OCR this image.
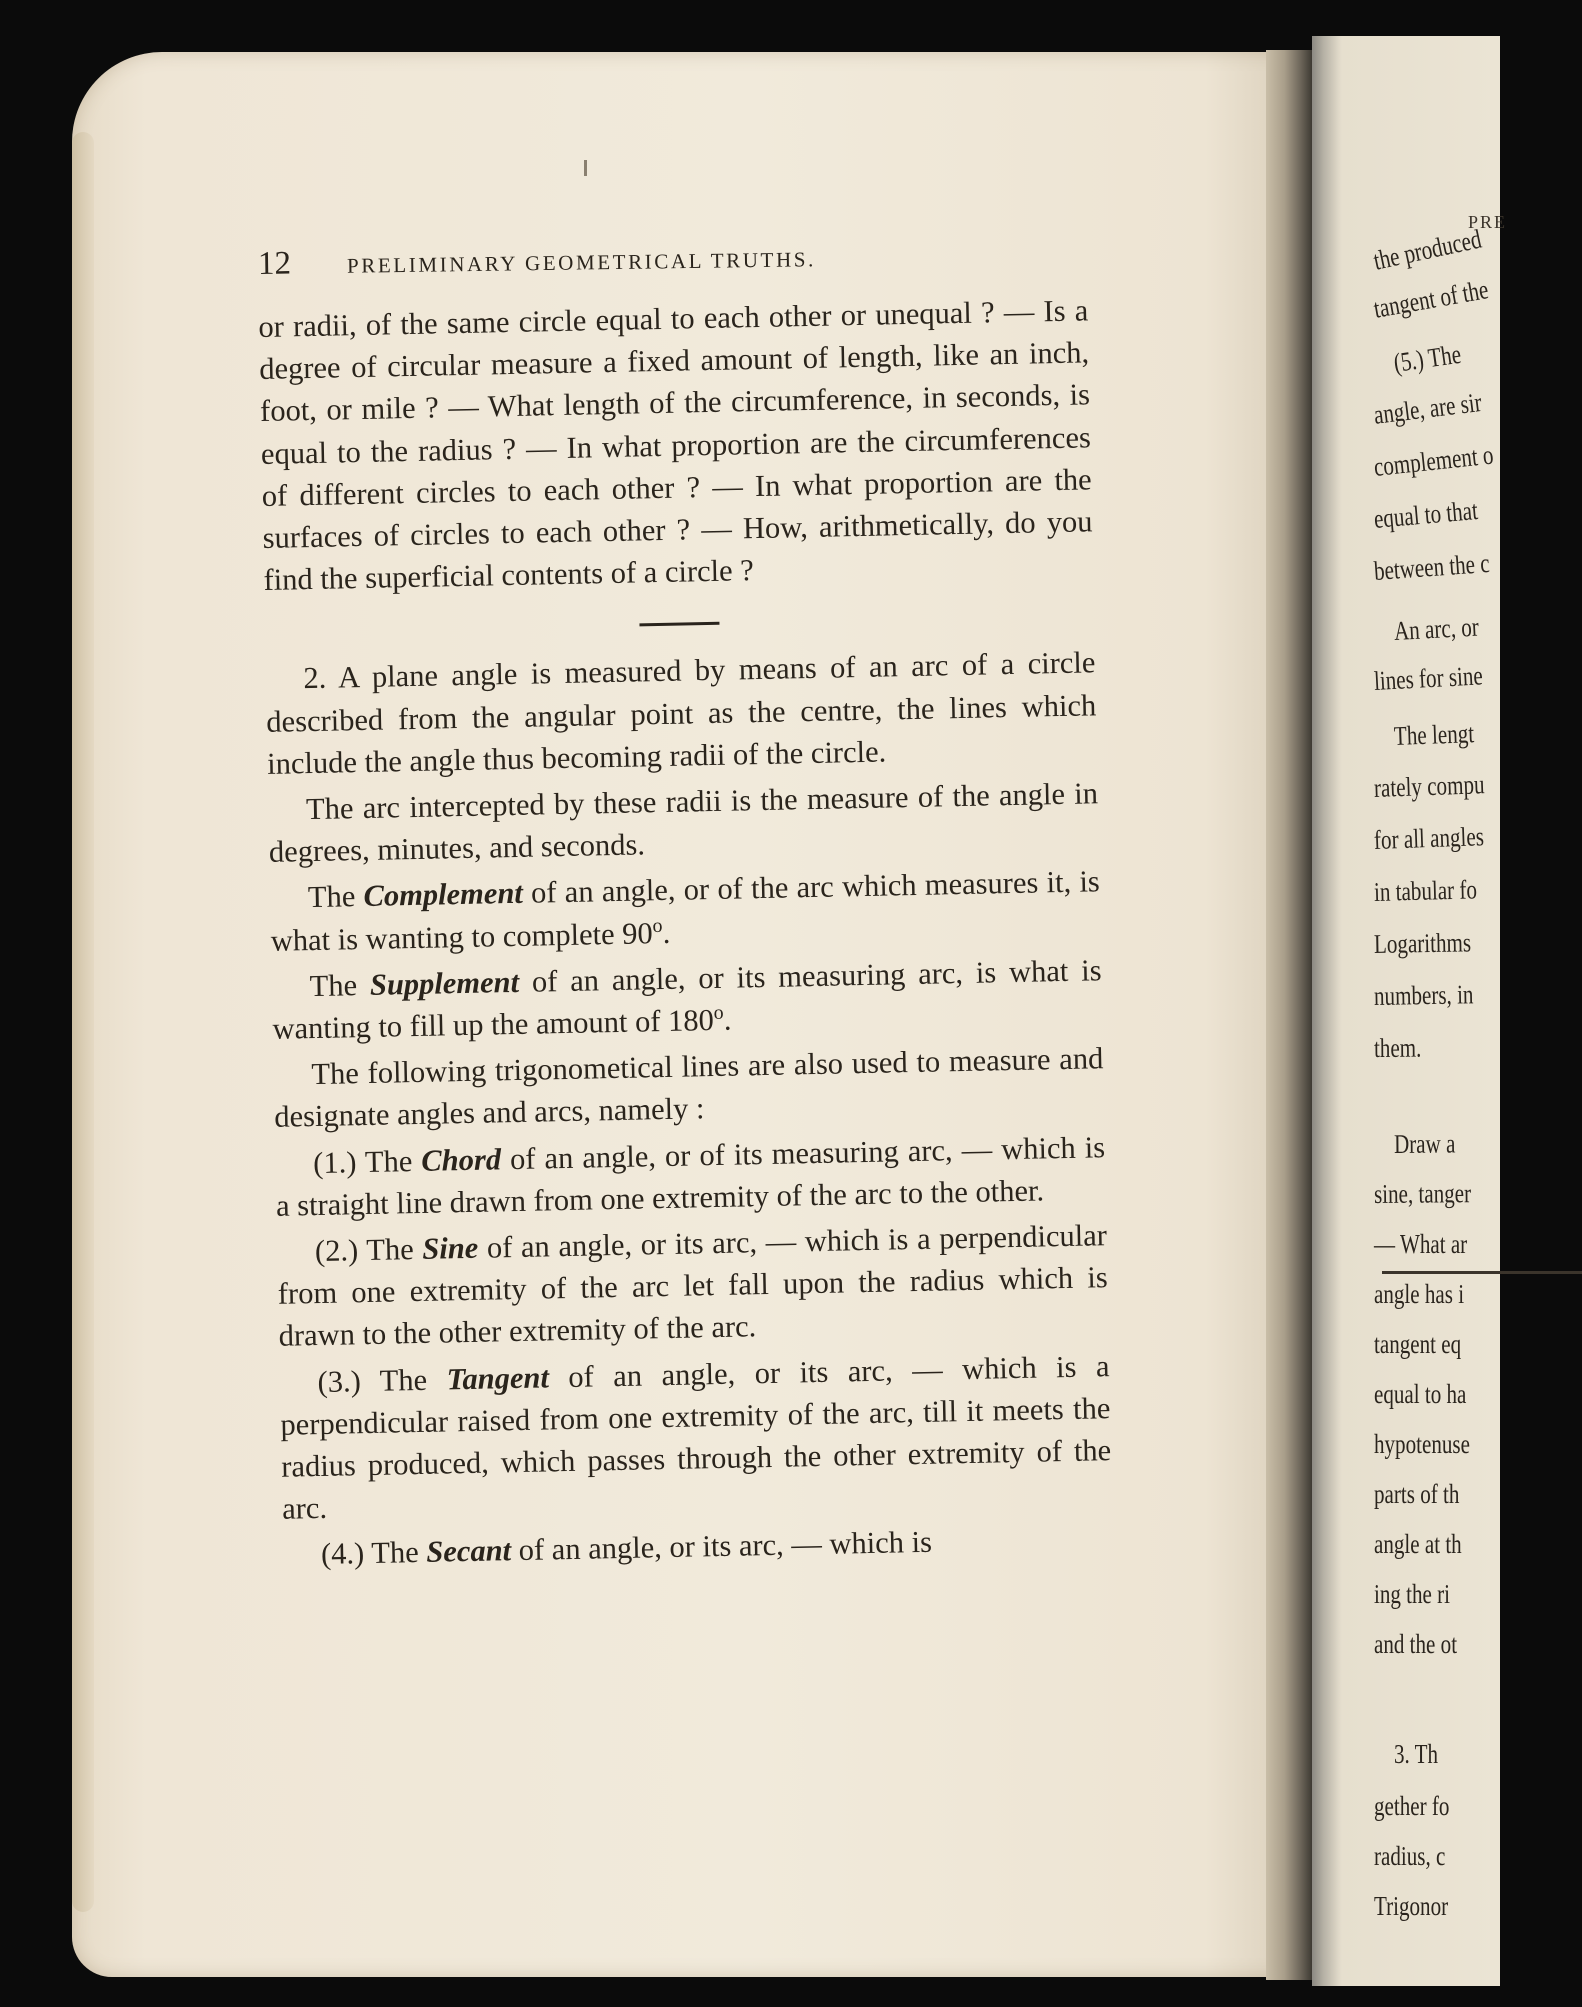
12	PRELIMINARY GEOMETRICAL TRUTHS.

or radii, of the same circle equal to each other or unequal ? — Is a degree of circular measure a fixed amount of length, like an inch, foot, or mile ? — What length of the circumference, in seconds, is equal to the radius ? — In what proportion are the circumferences of different circles to each other ? — In what proportion are the surfaces of circles to each other ? — How, arithmetically, do you find the superficial contents of a circle ?

2. A plane angle is measured by means of an arc of a circle described from the angular point as the centre, the lines which include the angle thus becoming radii of the circle.

The arc intercepted by these radii is the measure of the angle in degrees, minutes, and seconds.

The Complement of an angle, or of the arc which measures it, is what is wanting to complete 90$^o$.

The Supplement of an angle, or its measuring arc, is what is wanting to fill up the amount of 180$^o$.

The following trigonometical lines are also used to measure and designate angles and arcs, namely :

(1.) The Chord of an angle, or of its measuring arc, — which is a straight line drawn from one extremity of the arc to the other.

(2.) The Sine of an angle, or its arc, — which is a perpendicular from one extremity of the arc let fall upon the radius which is drawn to the other extremity of the arc.

(3.) The Tangent of an angle, or its arc, — which is a perpendicular raised from one extremity of the arc, till it meets the radius produced, which passes through the other extremity of the arc.

(4.) The Secant of an angle, or its arc, — which is

PRE
the produced
tangent of the
(5.) The
angle, are sir
complement o
equal to that
between the c
An arc, or
lines for sine
The lengt
rately compu
for all angles
in tabular fo
Logarithms
numbers, in
them.
Draw a
sine, tanger
— What ar
angle has i
tangent eq
equal to ha
hypotenuse
parts of th
angle at th
ing the ri
and the ot
3. Th
gether fo
radius, c
Trigonor
